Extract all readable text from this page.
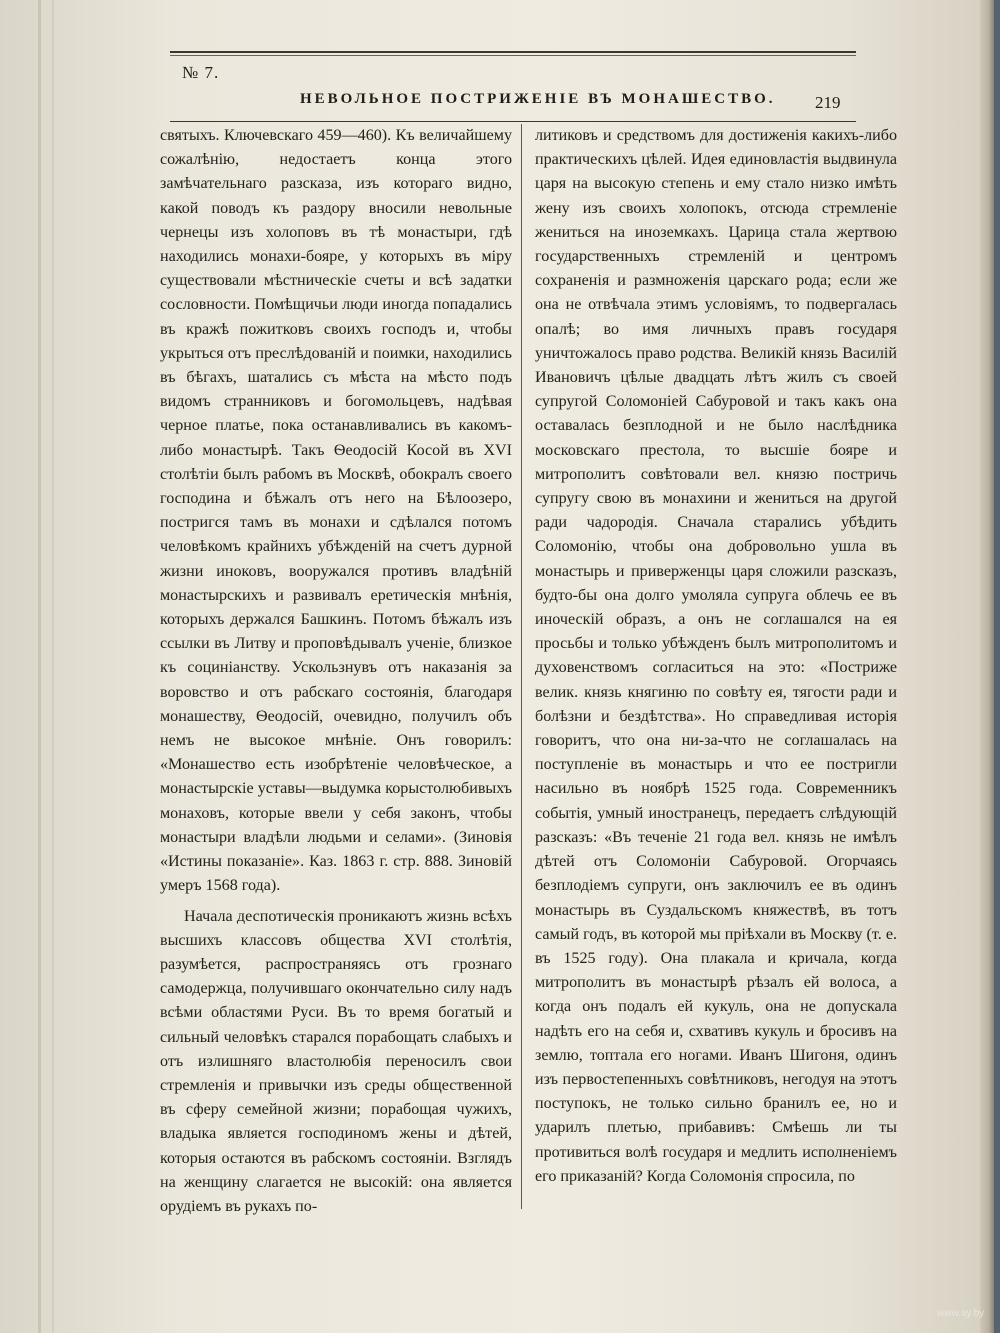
№ 7.
НЕВОЛЬНОЕ ПОСТРИЖЕНІЕ ВЪ МОНАШЕСТВО. 219

святыхъ. Ключевскаго 459—460). Къ величайшему сожалѣнію, недостаетъ конца этого замѣчательнаго разсказа, изъ котораго видно, какой поводъ къ раздору вносили невольные чернецы изъ холоповъ въ тѣ монастыри, гдѣ находились монахи-бояре, у которыхъ въ міру существовали мѣстническіе счеты и всѣ задатки сословности. Помѣщичьи люди иногда попадались въ кражѣ пожитковъ своихъ господъ и, чтобы укрыться отъ преслѣдованій и поимки, находились въ бѣгахъ, шатались съ мѣста на мѣсто подъ видомъ странниковъ и богомольцевъ, надѣвая черное платье, пока останавливались въ какомъ-либо монастырѣ. Такъ Ѳеодосій Косой въ XVI столѣтіи былъ рабомъ въ Москвѣ, обокралъ своего господина и бѣжалъ отъ него на Бѣлоозеро, постригся тамъ въ монахи и сдѣлался потомъ человѣкомъ крайнихъ убѣжденій на счетъ дурной жизни иноковъ, вооружался противъ владѣній монастырскихъ и развивалъ еретическія мнѣнія, которыхъ держался Башкинъ. Потомъ бѣжалъ изъ ссылки въ Литву и проповѣдывалъ ученіе, близкое къ социніанству. Ускользнувъ отъ наказанія за воровство и отъ рабскаго состоянія, благодаря монашеству, Ѳеодосій, очевидно, получилъ объ немъ не высокое мнѣніе. Онъ говорилъ: «Монашество есть изобрѣтеніе человѣческое, а монастырскіе уставы—выдумка корыстолюбивыхъ монаховъ, которые ввели у себя законъ, чтобы монастыри владѣли людьми и селами». (Зиновія «Истины показаніе». Каз. 1863 г. стр. 888. Зиновій умеръ 1568 года).

Начала деспотическія проникаютъ жизнь всѣхъ высшихъ классовъ общества XVI столѣтія, разумѣется, распространяясь отъ грознаго самодержца, получившаго окончательно силу надъ всѣми областями Руси. Въ то время богатый и сильный человѣкъ старался порабощать слабыхъ и отъ излишняго властолюбія переносилъ свои стремленія и привычки изъ среды общественной въ сферу семейной жизни; порабощая чужихъ, владыка является господиномъ жены и дѣтей, которыя остаются въ рабскомъ состояніи. Взглядъ на женщину слагается не высокій: она является орудіемъ въ рукахъ по-

литиковъ и средствомъ для достиженія какихъ-либо практическихъ цѣлей. Идея единовластія выдвинула царя на высокую степень и ему стало низко имѣть жену изъ своихъ холопокъ, отсюда стремленіе жениться на иноземкахъ. Царица стала жертвою государственныхъ стремленій и центромъ сохраненія и размноженія царскаго рода; если же она не отвѣчала этимъ условіямъ, то подвергалась опалѣ; во имя личныхъ правъ государя уничтожалось право родства. Великій князь Василій Ивановичъ цѣлые двадцать лѣтъ жилъ съ своей супругой Соломоніей Сабуровой и такъ какъ она оставалась безплодной и не было наслѣдника московскаго престола, то высшіе бояре и митрополитъ совѣтовали вел. князю постричь супругу свою въ монахини и жениться на другой ради чадородія. Сначала старались убѣдить Соломонію, чтобы она добровольно ушла въ монастырь и приверженцы царя сложили разсказъ, будто-бы она долго умоляла супруга облечь ее въ иноческій образъ, а онъ не соглашался на ея просьбы и только убѣжденъ былъ митрополитомъ и духовенствомъ согласиться на это: «Постриже велик. князь княгиню по совѣту ея, тягости ради и болѣзни и бездѣтства». Но справедливая исторія говоритъ, что она ни-за-что не соглашалась на поступленіе въ монастырь и что ее постригли насильно въ ноябрѣ 1525 года. Современникъ событія, умный иностранецъ, передаетъ слѣдующій разсказъ: «Въ теченіе 21 года вел. князь не имѣлъ дѣтей отъ Соломоніи Сабуровой. Огорчаясь безплодіемъ супруги, онъ заключилъ ее въ одинъ монастырь въ Суздальскомъ княжествѣ, въ тотъ самый годъ, въ которой мы пріѣхали въ Москву (т. е. въ 1525 году). Она плакала и кричала, когда митрополитъ въ монастырѣ рѣзалъ ей волоса, а когда онъ подалъ ей кукуль, она не допускала надѣть его на себя и, схвативъ кукуль и бросивъ на землю, топтала его ногами. Иванъ Шигоня, одинъ изъ первостепенныхъ совѣтниковъ, негодуя на этотъ поступокъ, не только сильно бранилъ ее, но и ударилъ плетью, прибавивъ: Смѣешь ли ты противиться волѣ государя и медлить исполненіемъ его приказаній? Когда Соломонія спросила, по

www.ay.by
